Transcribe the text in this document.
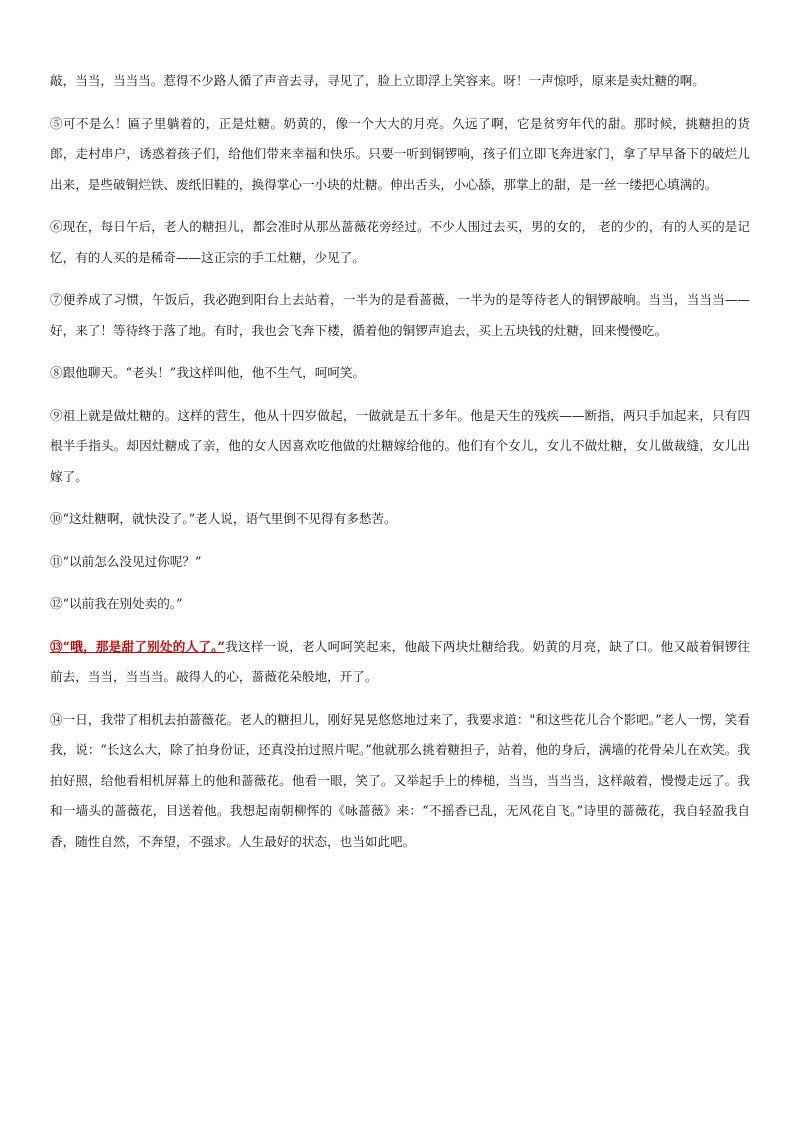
敲，当当，当当当。惹得不少路人循了声音去寻，寻见了，脸上立即浮上笑容来。呀！一声惊呼，原来是卖灶糖的啊。

⑤可不是么！匾子里躺着的，正是灶糖。奶黄的，像一个大大的月亮。久远了啊，它是贫穷年代的甜。那时候，挑糖担的货郎，走村串户，诱惑着孩子们，给他们带来幸福和快乐。只要一听到铜锣响，孩子们立即飞奔进家门，拿了早早备下的破烂儿出来，是些破铜烂铁、废纸旧鞋的，换得掌心一小块的灶糖。伸出舌头，小心舔，那掌上的甜，是一丝一缕把心填满的。

⑥现在，每日午后，老人的糖担儿，都会准时从那丛蔷薇花旁经过。不少人围过去买，男的女的， 老的少的，有的人买的是记忆，有的人买的是稀奇——这正宗的手工灶糖，少见了。

⑦便养成了习惯，午饭后，我必跑到阳台上去站着，一半为的是看蔷薇，一半为的是等待老人的铜锣敲响。当当，当当当——好，来了！等待终于落了地。有时，我也会飞奔下楼，循着他的铜锣声追去，买上五块钱的灶糖，回来慢慢吃。

⑧跟他聊天。“老头！”我这样叫他，他不生气，呵呵笑。

⑨祖上就是做灶糖的。这样的营生，他从十四岁做起，一做就是五十多年。他是天生的残疾——断指，两只手加起来，只有四根半手指头。却因灶糖成了亲，他的女人因喜欢吃他做的灶糖嫁给他的。他们有个女儿，女儿不做灶糖，女儿做裁缝，女儿出嫁了。

⑩“这灶糖啊，就快没了。”老人说，语气里倒不见得有多愁苦。

⑪“以前怎么没见过你呢？”

⑫“以前我在别处卖的。”

⑬“哦，那是甜了别处的人了。”我这样一说，老人呵呵笑起来，他敲下两块灶糖给我。奶黄的月亮，缺了口。他又敲着铜锣往前去，当当，当当当。敲得人的心，蔷薇花朵般地，开了。

⑭一日，我带了相机去拍蔷薇花。老人的糖担儿，刚好晃晃悠悠地过来了，我要求道："和这些花儿合个影吧。”老人一愣，笑看我，说：“长这么大，除了拍身份证，还真没拍过照片呢。”他就那么挑着糖担子，站着，他的身后，满墙的花骨朵儿在欢笑。我拍好照，给他看相机屏幕上的他和蔷薇花。他看一眼，笑了。又举起手上的棒槌，当当，当当当，这样敲着，慢慢走远了。我和一墙头的蔷薇花，目送着他。我想起南朝柳恽的《咏蔷薇》来：“不摇香已乱，无风花自飞。”诗里的蔷薇花，我自轻盈我自香，随性自然，不奔望，不强求。人生最好的状态，也当如此吧。
